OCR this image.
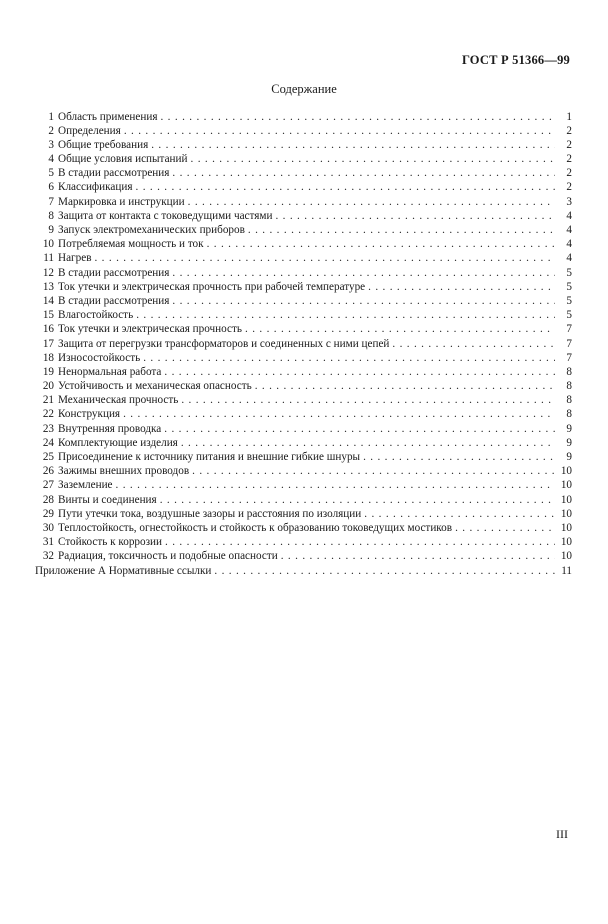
ГОСТ Р 51366—99
Содержание
1 Область применения . . .	1
2 Определения . . .	2
3 Общие требования . . .	2
4 Общие условия испытаний . . .	2
5 В стадии рассмотрения . . .	2
6 Классификация . . .	2
7 Маркировка и инструкции . . .	3
8 Защита от контакта с токоведущими частями . . .	4
9 Запуск электромеханических приборов . . .	4
10 Потребляемая мощность и ток . . .	4
11 Нагрев . . .	4
12 В стадии рассмотрения . . .	5
13 Ток утечки и электрическая прочность при рабочей температуре . . .	5
14 В стадии рассмотрения . . .	5
15 Влагостойкость . . .	5
16 Ток утечки и электрическая прочность . . .	7
17 Защита от перегрузки трансформаторов и соединенных с ними цепей . . .	7
18 Износостойкость . . .	7
19 Ненормальная работа . . .	8
20 Устойчивость и механическая опасность . . .	8
21 Механическая прочность . . .	8
22 Конструкция . . .	8
23 Внутренняя проводка . . .	9
24 Комплектующие изделия . . .	9
25 Присоединение к источнику питания и внешние гибкие шнуры . . .	9
26 Зажимы внешних проводов . . .	10
27 Заземление . . .	10
28 Винты и соединения . . .	10
29 Пути утечки тока, воздушные зазоры и расстояния по изоляции . . .	10
30 Теплостойкость, огнестойкость и стойкость к образованию токоведущих мостиков . . .	10
31 Стойкость к коррозии . . .	10
32 Радиация, токсичность и подобные опасности . . .	10
Приложение А Нормативные ссылки . . .	11
III
